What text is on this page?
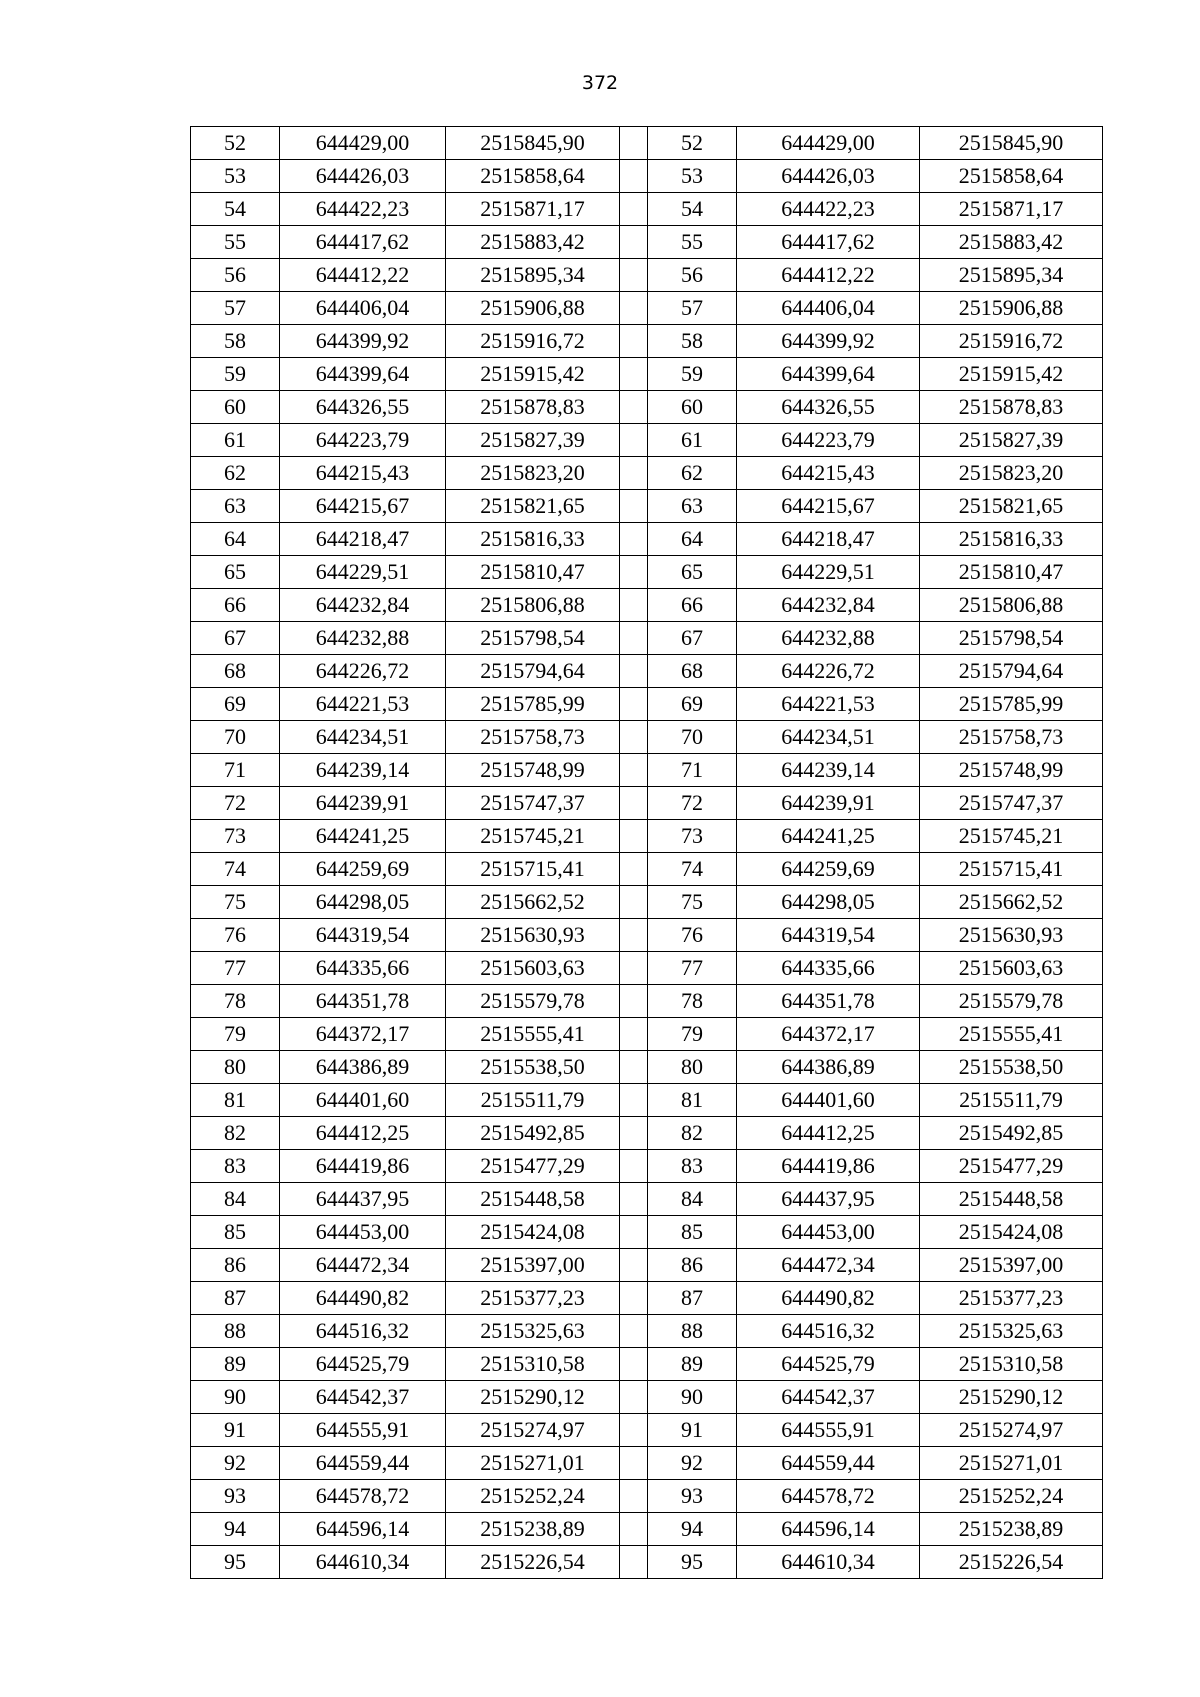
372
52	644429,00	2515845,90		52	644429,00	2515845,90
53	644426,03	2515858,64		53	644426,03	2515858,64
54	644422,23	2515871,17		54	644422,23	2515871,17
55	644417,62	2515883,42		55	644417,62	2515883,42
56	644412,22	2515895,34		56	644412,22	2515895,34
57	644406,04	2515906,88		57	644406,04	2515906,88
58	644399,92	2515916,72		58	644399,92	2515916,72
59	644399,64	2515915,42		59	644399,64	2515915,42
60	644326,55	2515878,83		60	644326,55	2515878,83
61	644223,79	2515827,39		61	644223,79	2515827,39
62	644215,43	2515823,20		62	644215,43	2515823,20
63	644215,67	2515821,65		63	644215,67	2515821,65
64	644218,47	2515816,33		64	644218,47	2515816,33
65	644229,51	2515810,47		65	644229,51	2515810,47
66	644232,84	2515806,88		66	644232,84	2515806,88
67	644232,88	2515798,54		67	644232,88	2515798,54
68	644226,72	2515794,64		68	644226,72	2515794,64
69	644221,53	2515785,99		69	644221,53	2515785,99
70	644234,51	2515758,73		70	644234,51	2515758,73
71	644239,14	2515748,99		71	644239,14	2515748,99
72	644239,91	2515747,37		72	644239,91	2515747,37
73	644241,25	2515745,21		73	644241,25	2515745,21
74	644259,69	2515715,41		74	644259,69	2515715,41
75	644298,05	2515662,52		75	644298,05	2515662,52
76	644319,54	2515630,93		76	644319,54	2515630,93
77	644335,66	2515603,63		77	644335,66	2515603,63
78	644351,78	2515579,78		78	644351,78	2515579,78
79	644372,17	2515555,41		79	644372,17	2515555,41
80	644386,89	2515538,50		80	644386,89	2515538,50
81	644401,60	2515511,79		81	644401,60	2515511,79
82	644412,25	2515492,85		82	644412,25	2515492,85
83	644419,86	2515477,29		83	644419,86	2515477,29
84	644437,95	2515448,58		84	644437,95	2515448,58
85	644453,00	2515424,08		85	644453,00	2515424,08
86	644472,34	2515397,00		86	644472,34	2515397,00
87	644490,82	2515377,23		87	644490,82	2515377,23
88	644516,32	2515325,63		88	644516,32	2515325,63
89	644525,79	2515310,58		89	644525,79	2515310,58
90	644542,37	2515290,12		90	644542,37	2515290,12
91	644555,91	2515274,97		91	644555,91	2515274,97
92	644559,44	2515271,01		92	644559,44	2515271,01
93	644578,72	2515252,24		93	644578,72	2515252,24
94	644596,14	2515238,89		94	644596,14	2515238,89
95	644610,34	2515226,54		95	644610,34	2515226,54
